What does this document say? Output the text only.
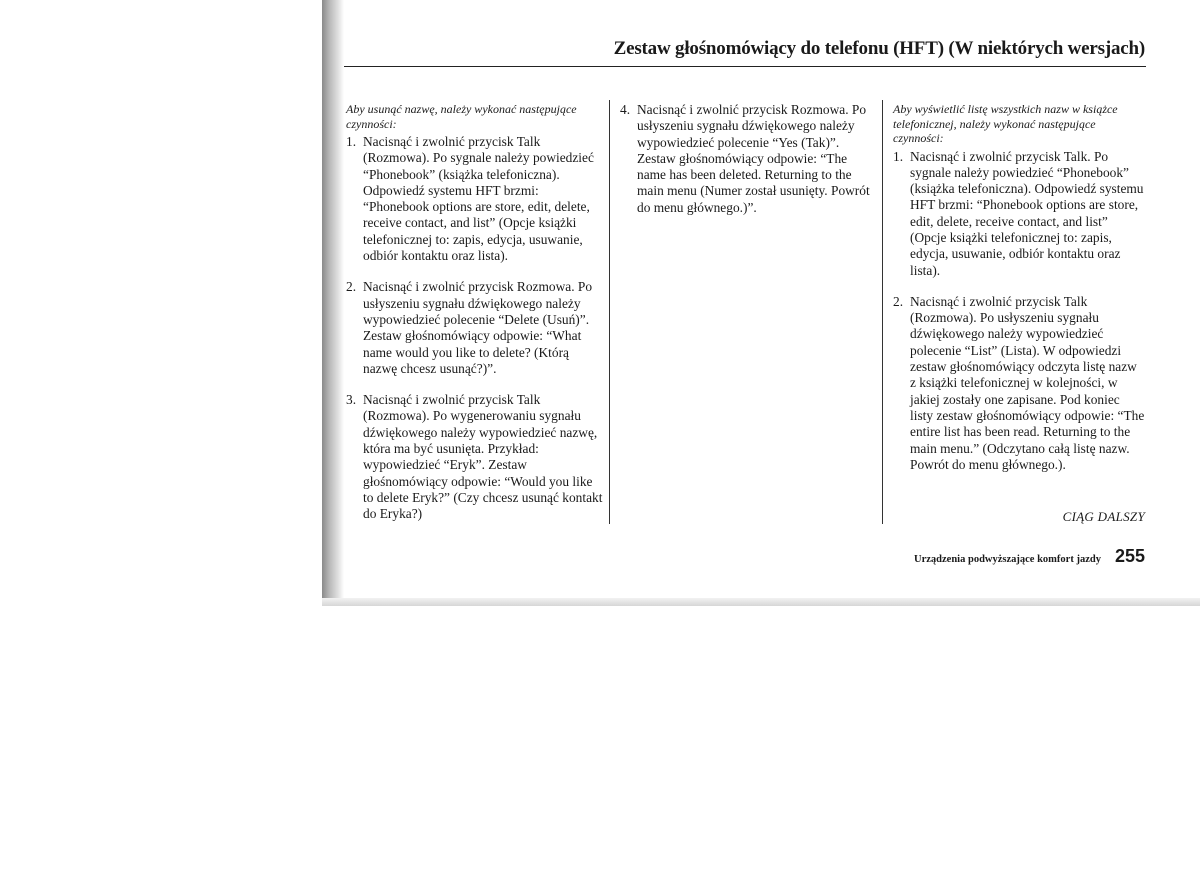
Zestaw głośnomówiący do telefonu (HFT) (W niektórych wersjach)

Aby usunąć nazwę, należy wykonać następujące czynności:

1. Nacisnąć i zwolnić przycisk Talk (Rozmowa). Po sygnale należy powiedzieć “Phonebook” (książka telefoniczna). Odpowiedź systemu HFT brzmi: “Phonebook options are store, edit, delete, receive contact, and list” (Opcje książki telefonicznej to: zapis, edycja, usuwanie, odbiór kontaktu oraz lista).
2. Nacisnąć i zwolnić przycisk Rozmowa. Po usłyszeniu sygnału dźwiękowego należy wypowiedzieć polecenie “Delete (Usuń)”. Zestaw głośnomówiący odpowie: “What name would you like to delete? (Którą nazwę chcesz usunąć?)”.
3. Nacisnąć i zwolnić przycisk Talk (Rozmowa). Po wygenerowaniu sygnału dźwiękowego należy wypowiedzieć nazwę, która ma być usunięta. Przykład: wypowiedzieć “Eryk”. Zestaw głośnomówiący odpowie: “Would you like to delete Eryk?” (Czy chcesz usunąć kontakt do Eryka?)
4. Nacisnąć i zwolnić przycisk Rozmowa. Po usłyszeniu sygnału dźwiękowego należy wypowiedzieć polecenie “Yes (Tak)”. Zestaw głośnomówiący odpowie: “The name has been deleted. Returning to the main menu (Numer został usunięty. Powrót do menu głównego.)”.

Aby wyświetlić listę wszystkich nazw w książce telefonicznej, należy wykonać następujące czynności:

1. Nacisnąć i zwolnić przycisk Talk. Po sygnale należy powiedzieć “Phonebook” (książka telefoniczna). Odpowiedź systemu HFT brzmi: “Phonebook options are store, edit, delete, receive contact, and list” (Opcje książki telefonicznej to: zapis, edycja, usuwanie, odbiór kontaktu oraz lista).
2. Nacisnąć i zwolnić przycisk Talk (Rozmowa). Po usłyszeniu sygnału dźwiękowego należy wypowiedzieć polecenie “List” (Lista). W odpowiedzi zestaw głośnomówiący odczyta listę nazw z książki telefonicznej w kolejności, w jakiej zostały one zapisane. Pod koniec listy zestaw głośnomówiący odpowie: “The entire list has been read. Returning to the main menu.” (Odczytano całą listę nazw. Powrót do menu głównego.).
CIĄG DALSZY
Urządzenia podwyższające komfort jazdy 255
